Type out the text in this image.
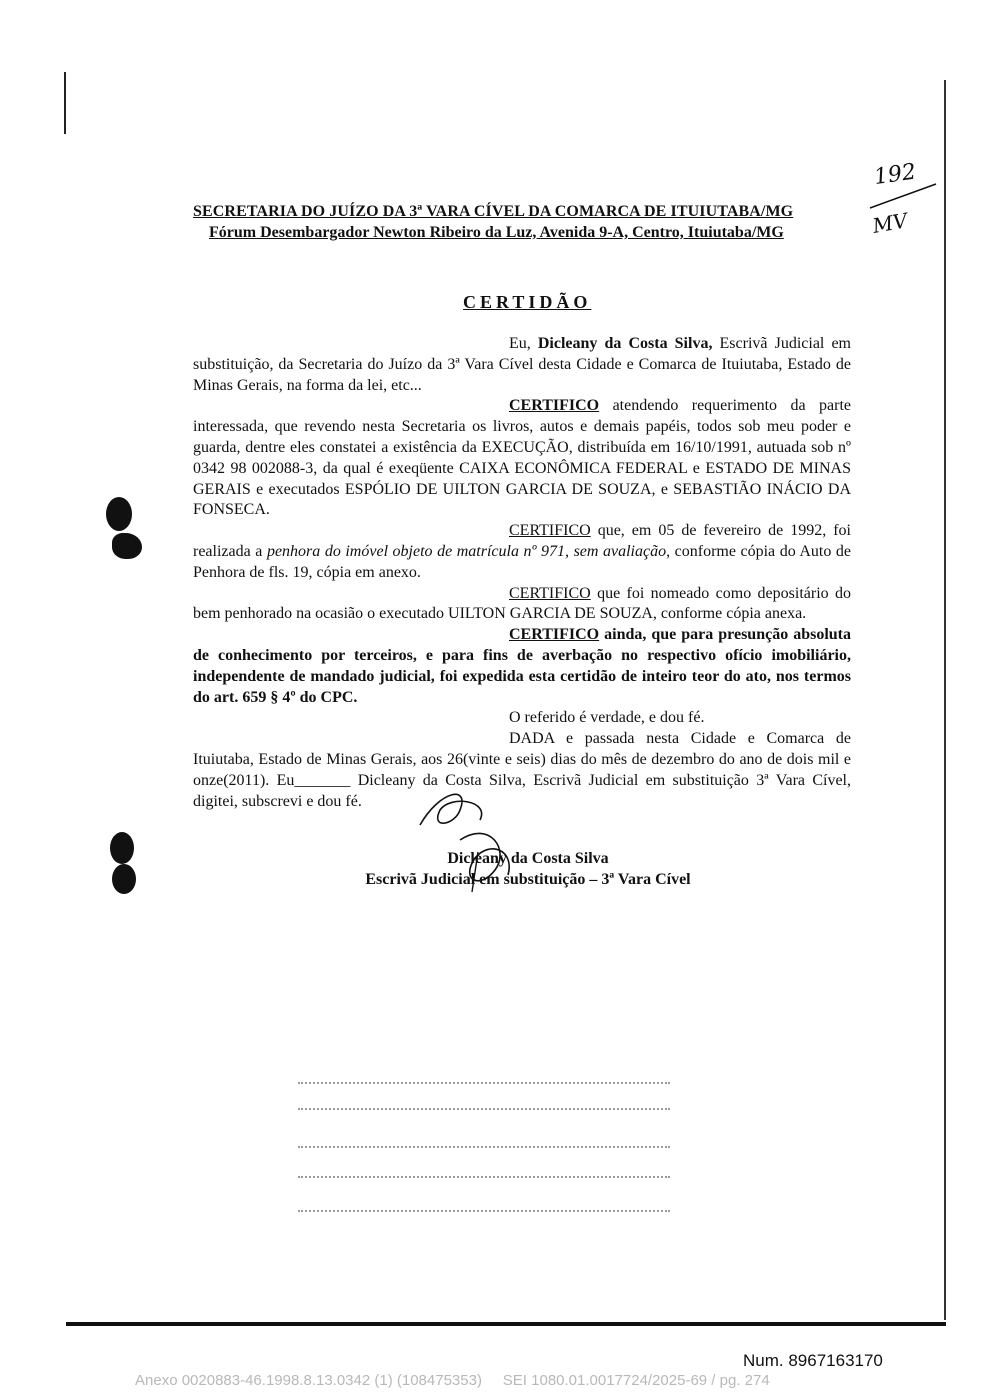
192
MV
SECRETARIA DO JUÍZO DA 3ª VARA CÍVEL DA COMARCA DE ITUIUTABA/MG
Fórum Desembargador Newton Ribeiro da Luz, Avenida 9-A, Centro, Ituiutaba/MG
CERTIDÃO

Eu, Dicleany da Costa Silva, Escrivã Judicial em substituição, da Secretaria do Juízo da 3ª Vara Cível desta Cidade e Comarca de Ituiutaba, Estado de Minas Gerais, na forma da lei, etc...

CERTIFICO atendendo requerimento da parte interessada, que revendo nesta Secretaria os livros, autos e demais papéis, todos sob meu poder e guarda, dentre eles constatei a existência da EXECUÇÃO, distribuída em 16/10/1991, autuada sob nº 0342 98 002088-3, da qual é exeqüente CAIXA ECONÔMICA FEDERAL e ESTADO DE MINAS GERAIS e executados ESPÓLIO DE UILTON GARCIA DE SOUZA, e SEBASTIÃO INÁCIO DA FONSECA.

CERTIFICO que, em 05 de fevereiro de 1992, foi realizada a penhora do imóvel objeto de matrícula nº 971, sem avaliação, conforme cópia do Auto de Penhora de fls. 19, cópia em anexo.

CERTIFICO que foi nomeado como depositário do bem penhorado na ocasião o executado UILTON GARCIA DE SOUZA, conforme cópia anexa.

CERTIFICO ainda, que para presunção absoluta de conhecimento por terceiros, e para fins de averbação no respectivo ofício imobiliário, independente de mandado judicial, foi expedida esta certidão de inteiro teor do ato, nos termos do art. 659 § 4º do CPC.

O referido é verdade, e dou fé.

DADA e passada nesta Cidade e Comarca de Ituiutaba, Estado de Minas Gerais, aos 26(vinte e seis) dias do mês de dezembro do ano de dois mil e onze(2011). Eu_______ Dicleany da Costa Silva, Escrivã Judicial em substituição 3ª Vara Cível, digitei, subscrevi e dou fé.

Dicleany da Costa Silva
Escrivã Judicial em substituição – 3ª Vara Cível
Num. 8967163170
Anexo 0020883-46.1998.8.13.0342 (1) (108475353)     SEI 1080.01.0017724/2025-69 / pg. 274
